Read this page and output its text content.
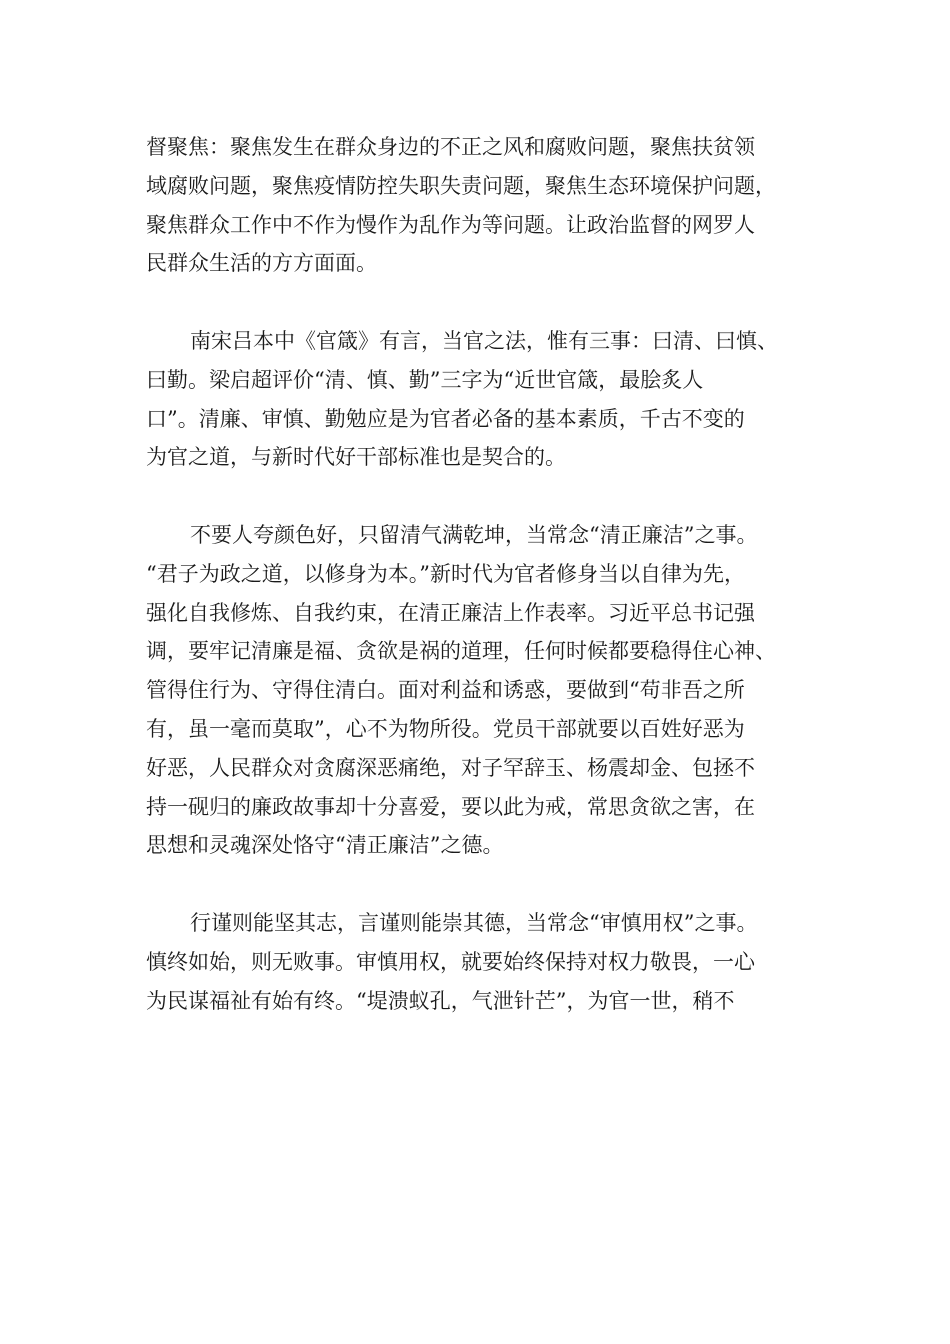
督聚焦：聚焦发生在群众身边的不正之风和腐败问题，聚焦扶贫领
域腐败问题，聚焦疫情防控失职失责问题，聚焦生态环境保护问题，
聚焦群众工作中不作为慢作为乱作为等问题。让政治监督的网罗人
民群众生活的方方面面。
南宋吕本中《官箴》有言，当官之法，惟有三事：曰清、曰慎、
曰勤。梁启超评价“清、慎、勤”三字为“近世官箴，最脍炙人
口”。清廉、审慎、勤勉应是为官者必备的基本素质，千古不变的
为官之道，与新时代好干部标准也是契合的。
不要人夸颜色好，只留清气满乾坤，当常念“清正廉洁”之事。
“君子为政之道，以修身为本。”新时代为官者修身当以自律为先，
强化自我修炼、自我约束，在清正廉洁上作表率。习近平总书记强
调，要牢记清廉是福、贪欲是祸的道理，任何时候都要稳得住心神、
管得住行为、守得住清白。面对利益和诱惑，要做到“苟非吾之所
有，虽一毫而莫取”，心不为物所役。党员干部就要以百姓好恶为
好恶，人民群众对贪腐深恶痛绝，对子罕辞玉、杨震却金、包拯不
持一砚归的廉政故事却十分喜爱，要以此为戒，常思贪欲之害，在
思想和灵魂深处恪守“清正廉洁”之德。
行谨则能坚其志，言谨则能崇其德，当常念“审慎用权”之事。
慎终如始，则无败事。审慎用权，就要始终保持对权力敬畏，一心
为民谋福祉有始有终。“堤溃蚁孔，气泄针芒”，为官一世，稍不
